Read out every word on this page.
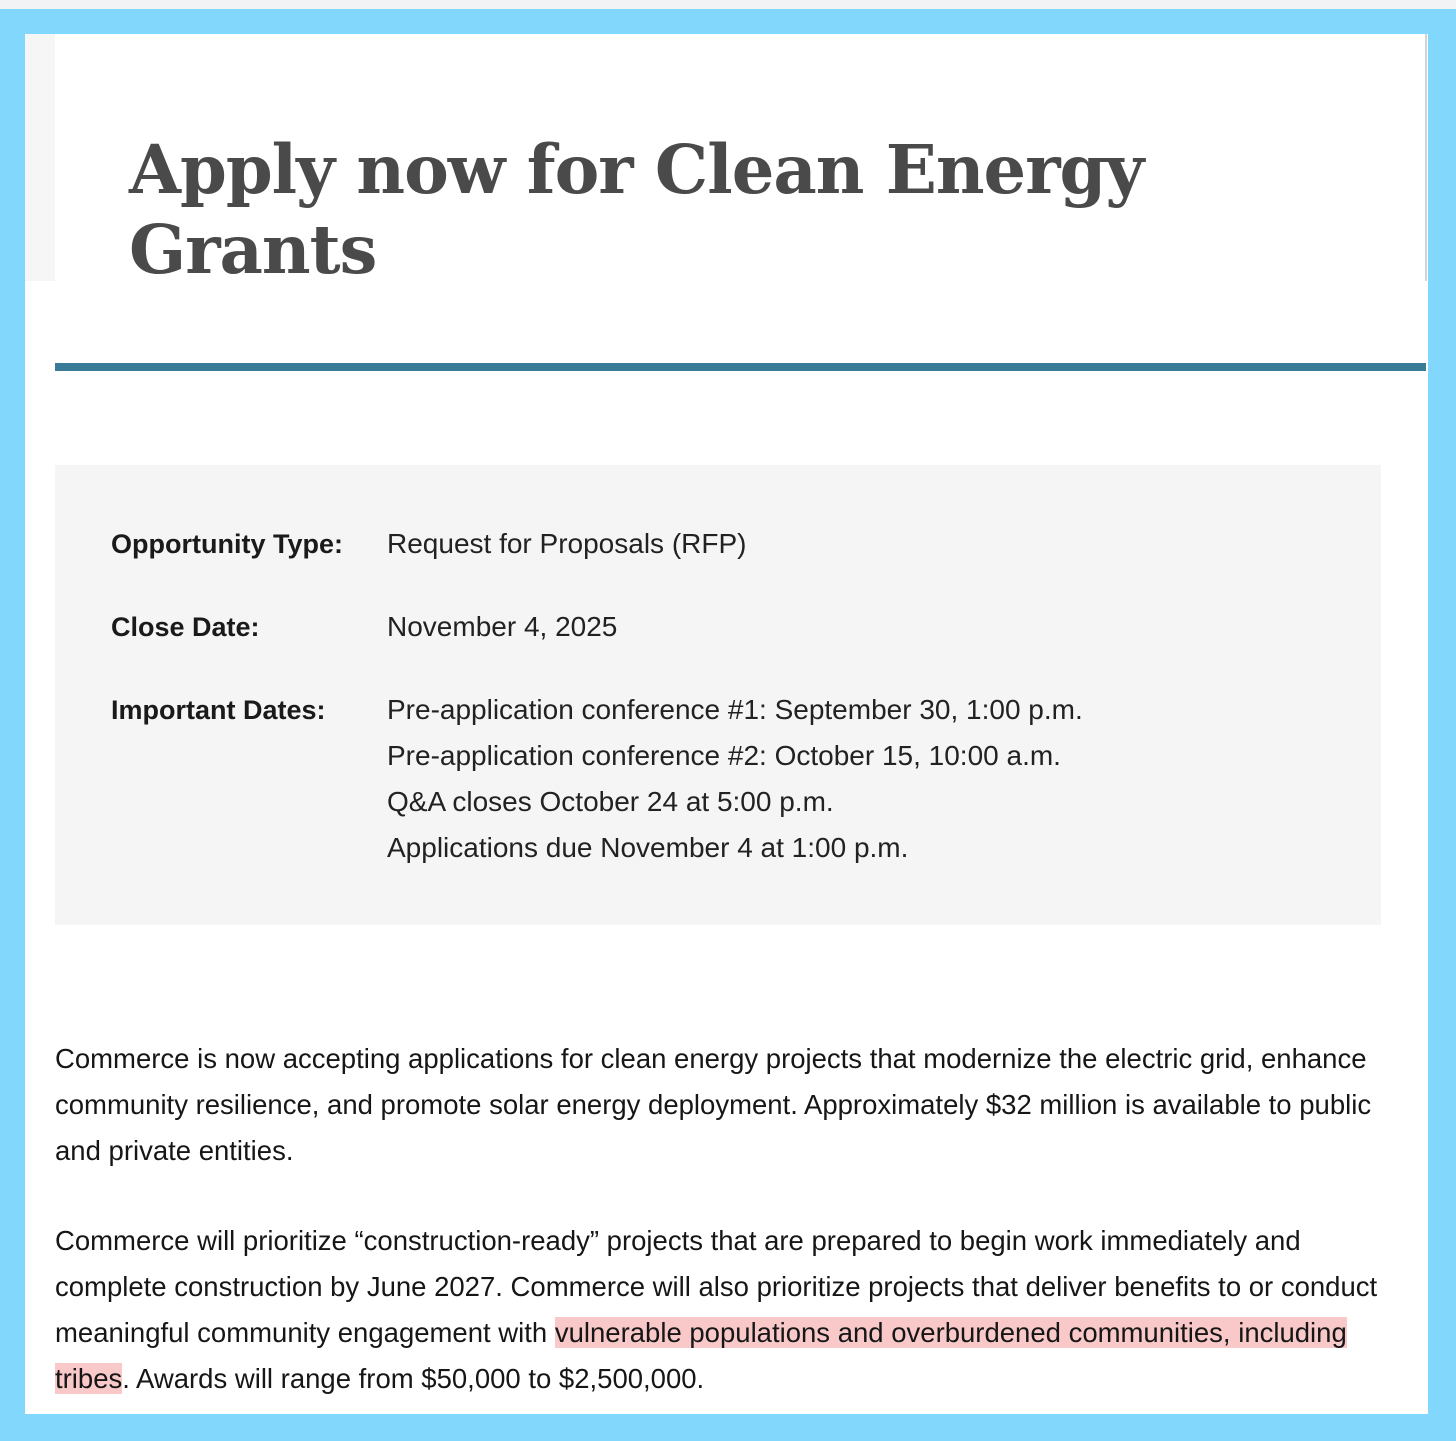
Apply now for Clean Energy Grants
Opportunity Type: Request for Proposals (RFP)
Close Date:	November 4, 2025
Important Dates: Pre-application conference #1: September 30, 1:00 p.m.
Pre-application conference #2: October 15, 10:00 a.m.
Q&A closes October 24 at 5:00 p.m.
Applications due November 4 at 1:00 p.m.

Commerce is now accepting applications for clean energy projects that modernize the electric grid, enhance community resilience, and promote solar energy deployment. Approximately $32 million is available to public and private entities.

Commerce will prioritize “construction-ready” projects that are prepared to begin work immediately and complete construction by June 2027. Commerce will also prioritize projects that deliver benefits to or conduct meaningful community engagement with vulnerable populations and overburdened communities, including tribes. Awards will range from $50,000 to $2,500,000.
